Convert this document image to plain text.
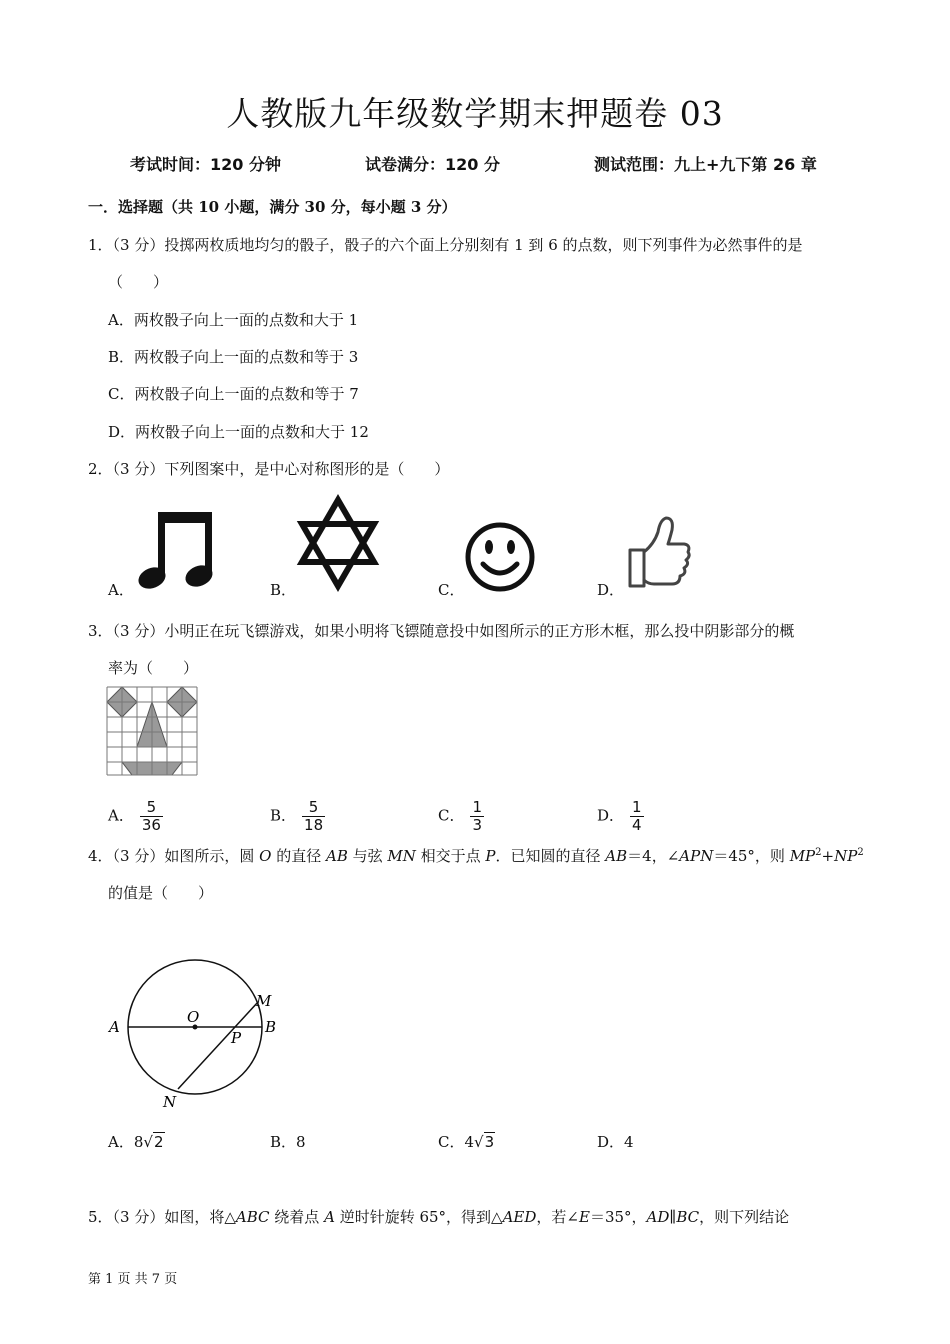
人教版九年级数学期末押题卷 03
考试时间：120 分钟	试卷满分：120 分	测试范围：九上+九下第 26 章
一．选择题（共 10 小题，满分 30 分，每小题 3 分）
1．（3 分）投掷两枚质地均匀的骰子，骰子的六个面上分别刻有 1 到 6 的点数，则下列事件为必然事件的是
（　　）
A．两枚骰子向上一面的点数和大于 1
B．两枚骰子向上一面的点数和等于 3
C．两枚骰子向上一面的点数和等于 7
D．两枚骰子向上一面的点数和大于 12
2．（3 分）下列图案中，是中心对称图形的是（　　）
A．	B．	C．	D．
3．（3 分）小明正在玩飞镖游戏，如果小明将飞镖随意投中如图所示的正方形木框，那么投中阴影部分的概
率为（　　）
A． $\frac{5}{36}$	B． $\frac{5}{18}$	C． $\frac{1}{3}$	D． $\frac{1}{4}$
4．（3 分）如图所示，圆 O 的直径 AB 与弦 MN 相交于点 P．已知圆的直径 AB＝4，∠APN＝45°，则 $MP^2+NP^2$
的值是（　　）
A	B
O
P
M
N
A．8√2	B．8	C．4√3	D．4
5．（3 分）如图，将△ABC 绕着点 A 逆时针旋转 65°，得到△AED，若∠E＝35°，AD∥BC，则下列结论
第 1 页 共 7 页
